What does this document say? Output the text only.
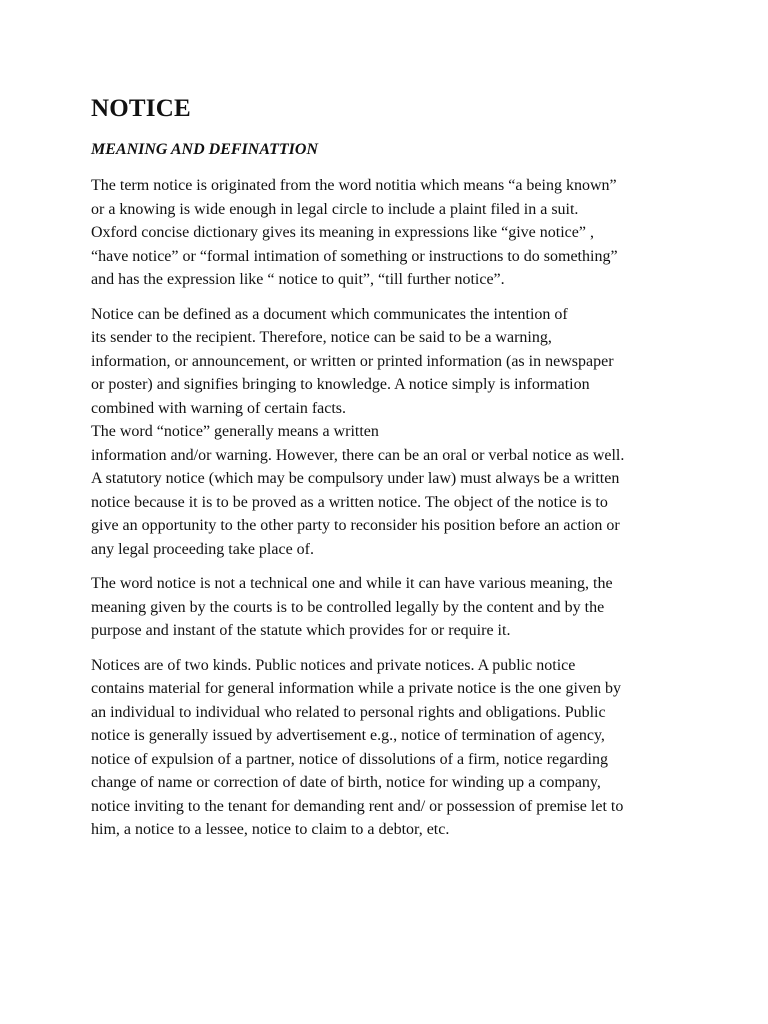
NOTICE
MEANING AND DEFINATTION

The term notice is originated from the word notitia which means “a being known”
or a knowing is wide enough in legal circle to include a plaint filed in a suit.
Oxford concise dictionary gives its meaning in expressions like “give notice” ,
“have notice” or “formal intimation of something or instructions to do something”
and has the expression like “ notice to quit”, “till further notice”.

Notice can be defined as a document which communicates the intention of
its sender to the recipient. Therefore, notice can be said to be a warning,
information, or announcement, or written or printed information (as in newspaper
or poster) and signifies bringing to knowledge. A notice simply is information
combined with warning of certain facts.

The word “notice” generally means a written
information and/or warning. However, there can be an oral or verbal notice as well.
A statutory notice (which may be compulsory under law) must always be a written
notice because it is to be proved as a written notice. The object of the notice is to
give an opportunity to the other party to reconsider his position before an action or
any legal proceeding take place of.

The word notice is not a technical one and while it can have various meaning, the
meaning given by the courts is to be controlled legally by the content and by the
purpose and instant of the statute which provides for or require it.

Notices are of two kinds. Public notices and private notices. A public notice
contains material for general information while a private notice is the one given by
an individual to individual who related to personal rights and obligations. Public
notice is generally issued by advertisement e.g., notice of termination of agency,
notice of expulsion of a partner, notice of dissolutions of a firm, notice regarding
change of name or correction of date of birth, notice for winding up a company,
notice inviting to the tenant for demanding rent and/ or possession of premise let to
him, a notice to a lessee, notice to claim to a debtor, etc.
